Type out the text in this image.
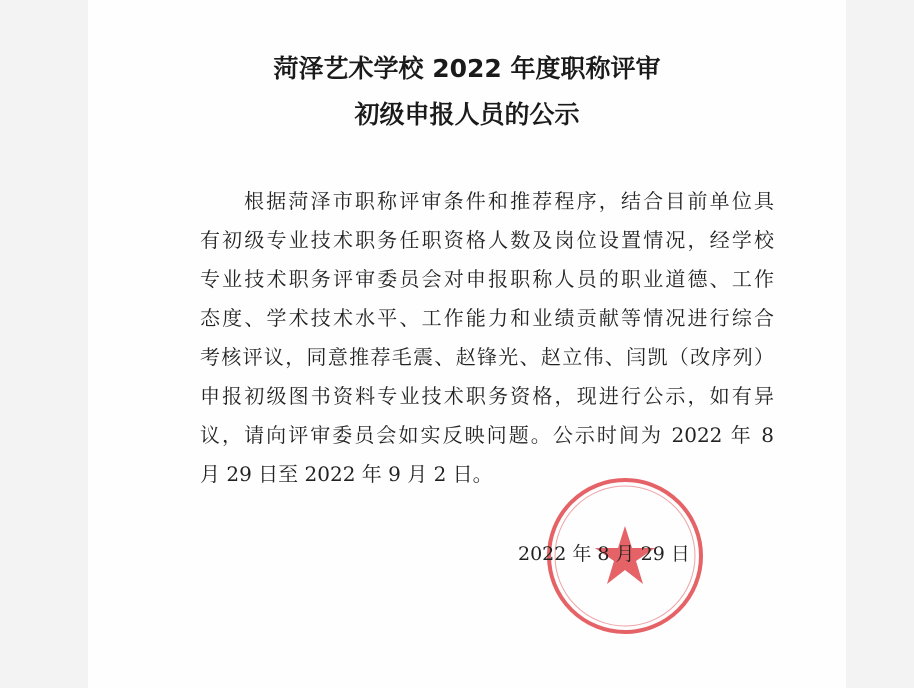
菏泽艺术学校 2022 年度职称评审
初级申报人员的公示
根据菏泽市职称评审条件和推荐程序，结合目前单位具
有初级专业技术职务任职资格人数及岗位设置情况，经学校
专业技术职务评审委员会对申报职称人员的职业道德、工作
态度、学术技术水平、工作能力和业绩贡献等情况进行综合
考核评议，同意推荐毛震、赵锋光、赵立伟、闫凯（改序列）
申报初级图书资料专业技术职务资格，现进行公示，如有异
议，请向评审委员会如实反映问题。公示时间为 2022 年 8
月 29 日至 2022 年 9 月 2 日。
2022 年 8 月 29 日
